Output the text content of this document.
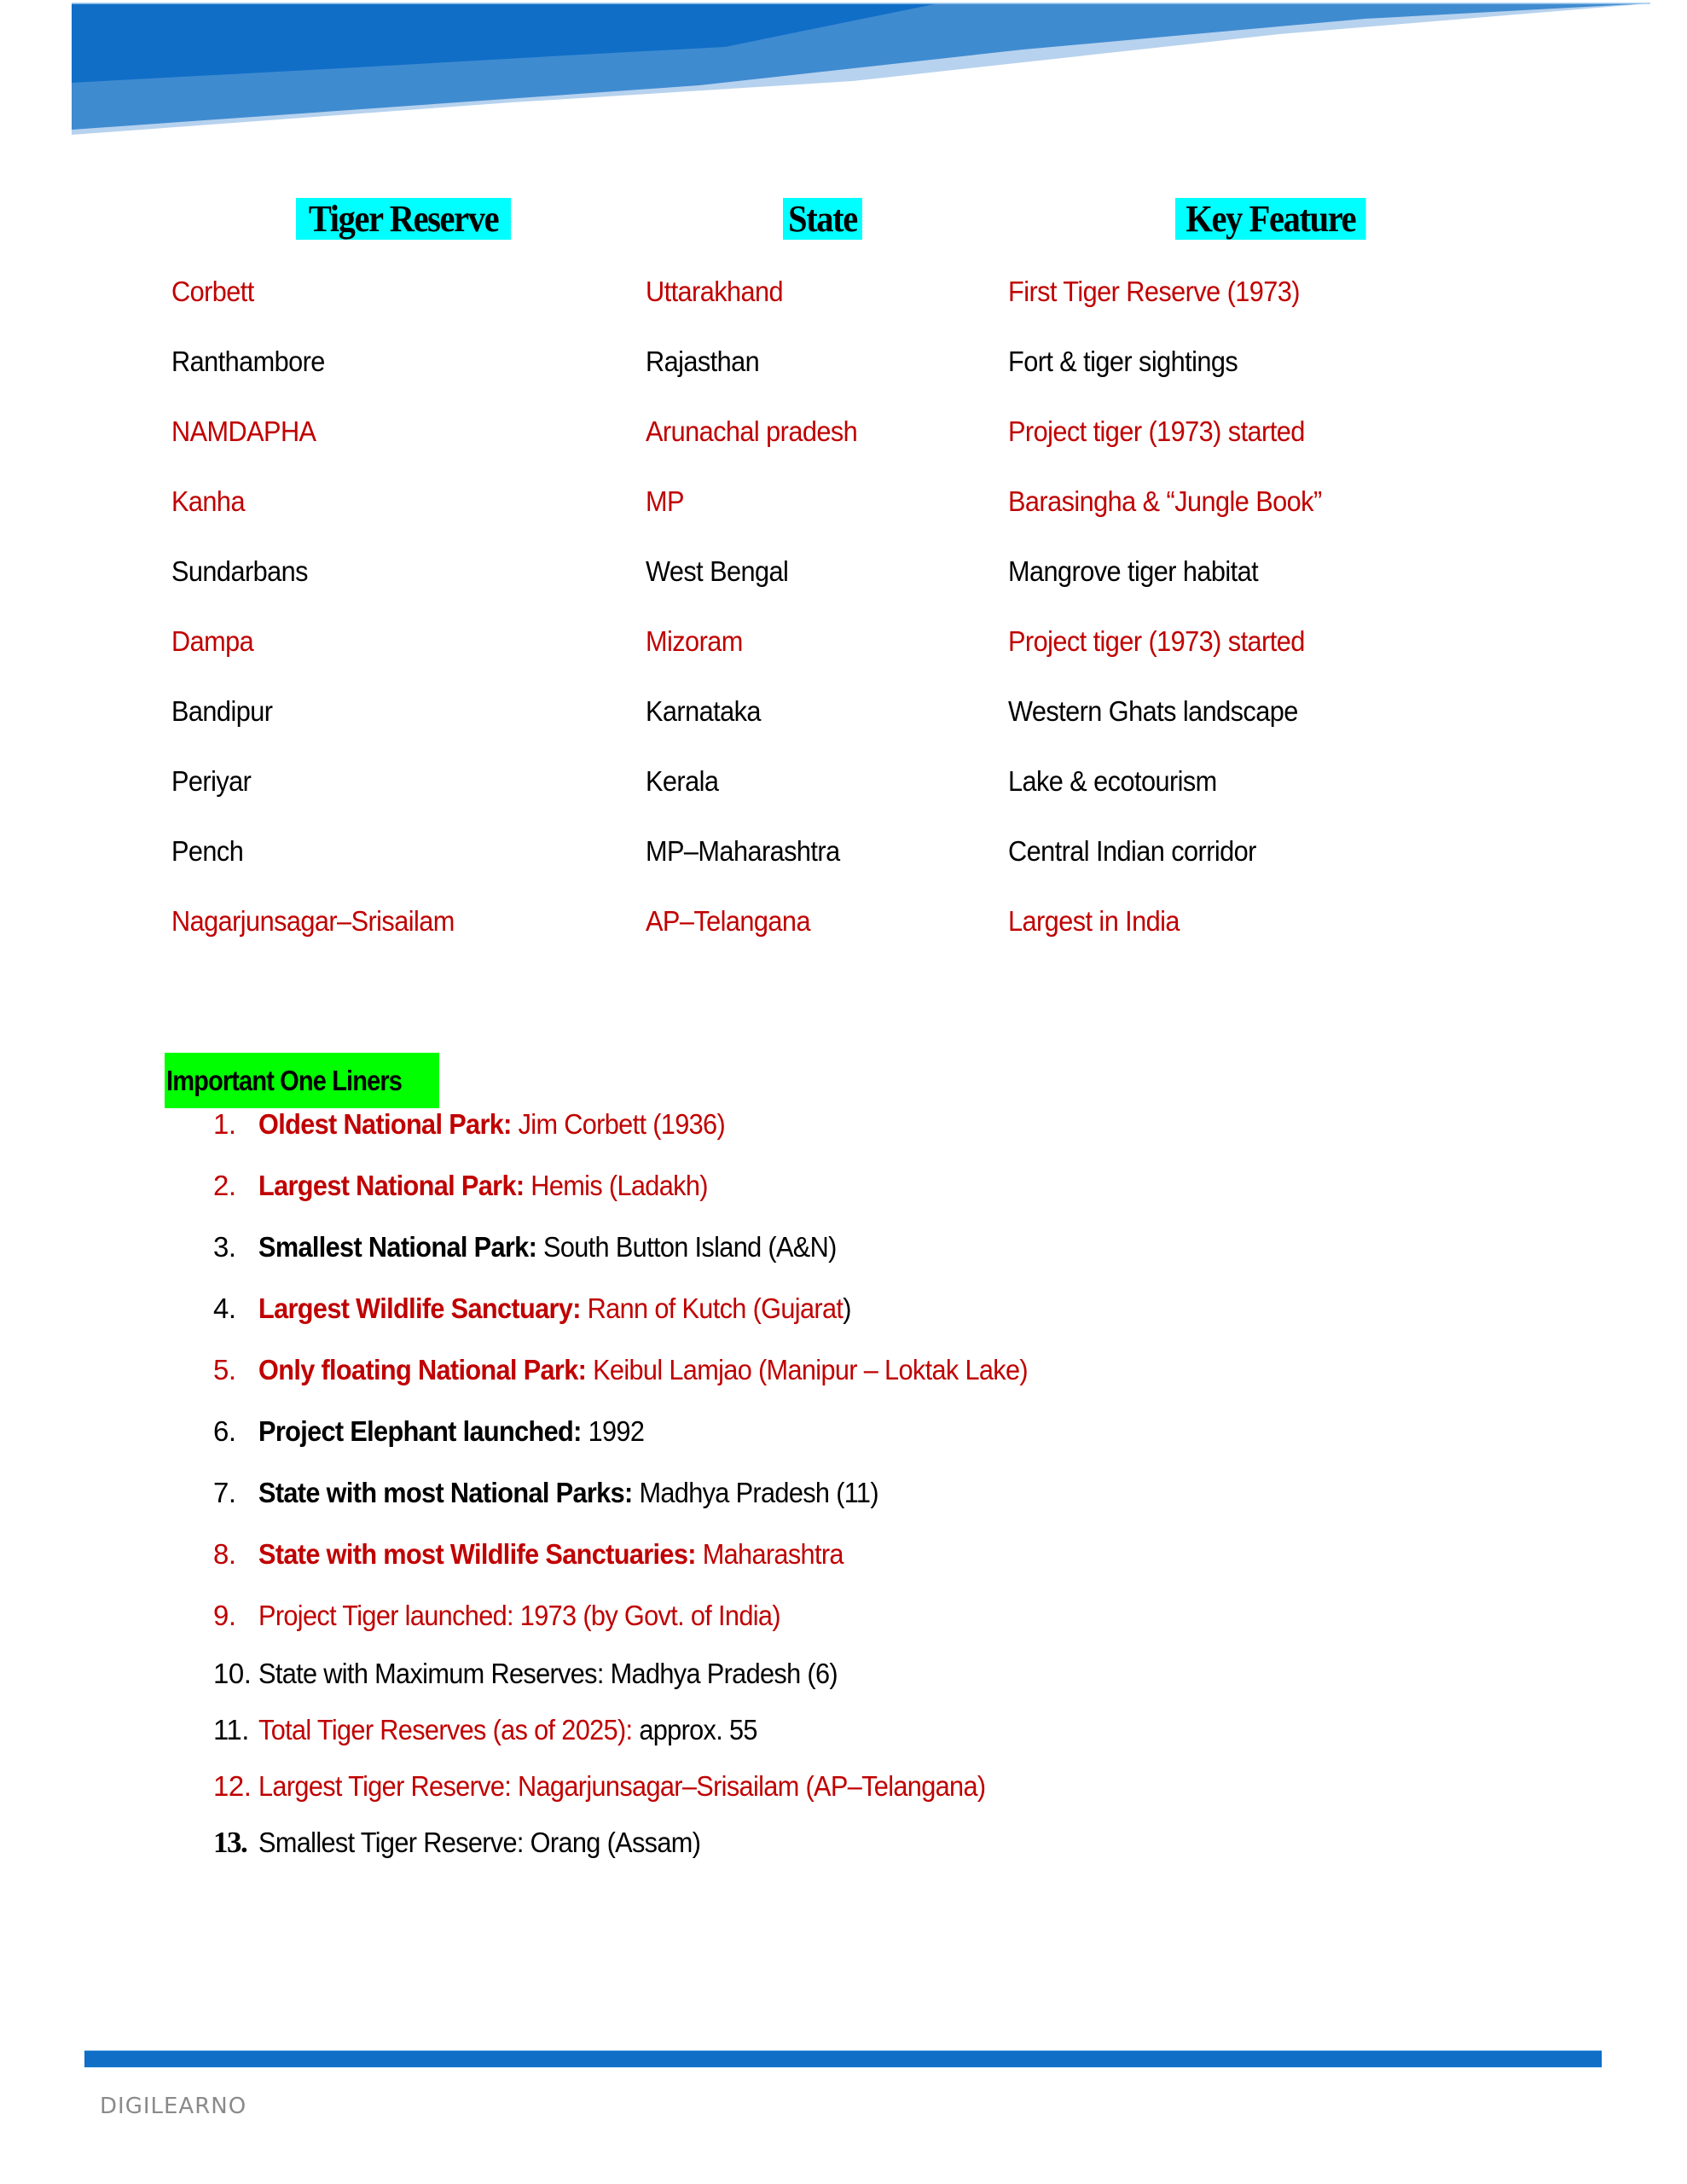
Tiger Reserve	State	Key Feature
Corbett	Uttarakhand	First Tiger Reserve (1973)
Ranthambore	Rajasthan	Fort & tiger sightings
NAMDAPHA	Arunachal pradesh	Project tiger (1973) started
Kanha	MP	Barasingha & “Jungle Book”
Sundarbans	West Bengal	Mangrove tiger habitat
Dampa	Mizoram	Project tiger (1973) started
Bandipur	Karnataka	Western Ghats landscape
Periyar	Kerala	Lake & ecotourism
Pench	MP–Maharashtra	Central Indian corridor
Nagarjunsagar–Srisailam	AP–Telangana	Largest in India
Important One Liners
1. Oldest National Park: Jim Corbett (1936)
2. Largest National Park: Hemis (Ladakh)
3. Smallest National Park: South Button Island (A&N)
4. Largest Wildlife Sanctuary: Rann of Kutch (Gujarat)
5. Only floating National Park: Keibul Lamjao (Manipur – Loktak Lake)
6. Project Elephant launched: 1992
7. State with most National Parks: Madhya Pradesh (11)
8. State with most Wildlife Sanctuaries: Maharashtra
9. Project Tiger launched: 1973 (by Govt. of India)
10. State with Maximum Reserves: Madhya Pradesh (6)
11. Total Tiger Reserves (as of 2025): approx. 55
12. Largest Tiger Reserve: Nagarjunsagar–Srisailam (AP–Telangana)
13. Smallest Tiger Reserve: Orang (Assam)
DIGILEARNO
